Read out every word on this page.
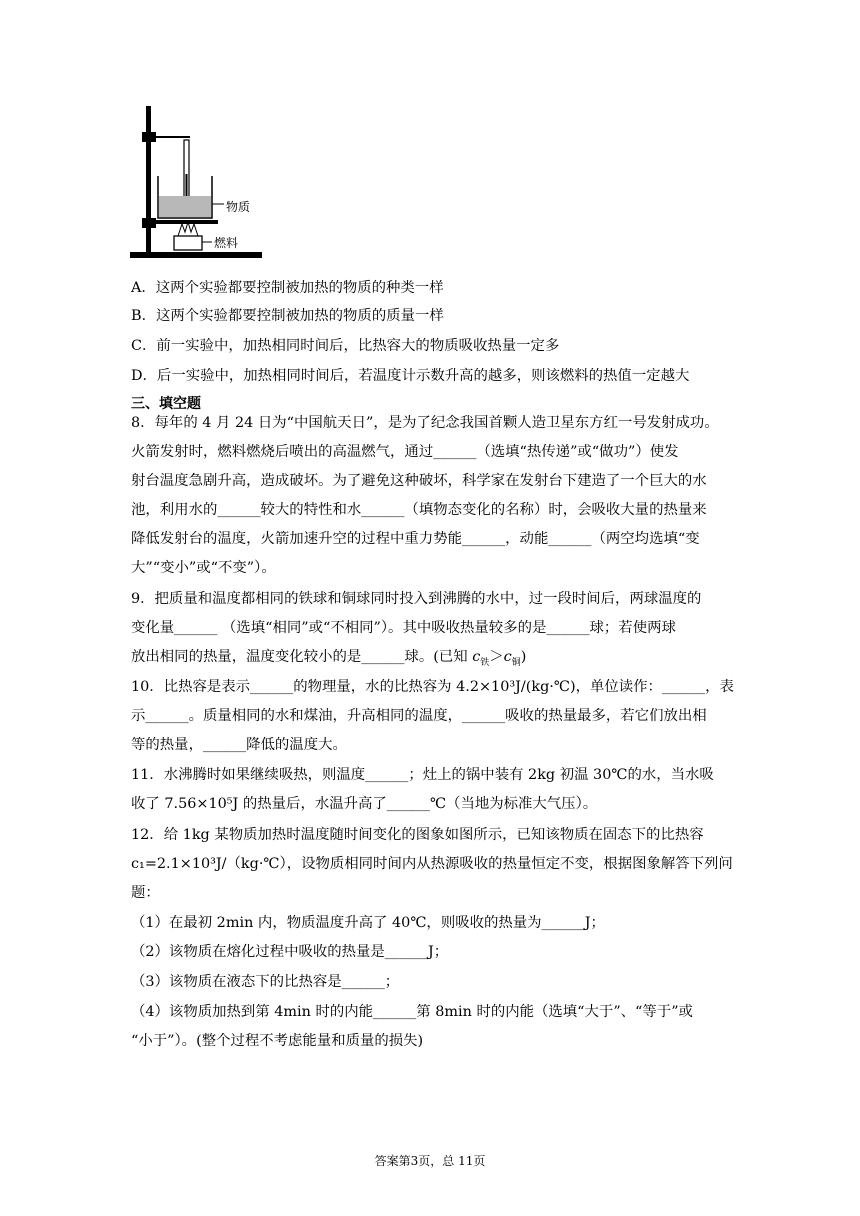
物质
燃料
A．这两个实验都要控制被加热的物质的种类一样
B．这两个实验都要控制被加热的物质的质量一样
C．前一实验中，加热相同时间后，比热容大的物质吸收热量一定多
D．后一实验中，加热相同时间后，若温度计示数升高的越多，则该燃料的热值一定越大
三、填空题
8．每年的 4 月 24 日为“中国航天日”，是为了纪念我国首颗人造卫星东方红一号发射成功。
火箭发射时，燃料燃烧后喷出的高温燃气，通过______（选填“热传递”或“做功”）使发
射台温度急剧升高，造成破坏。为了避免这种破坏，科学家在发射台下建造了一个巨大的水
池，利用水的______较大的特性和水______（填物态变化的名称）时，会吸收大量的热量来
降低发射台的温度，火箭加速升空的过程中重力势能______，动能______（两空均选填“变
大”“变小”或“不变”）。
9．把质量和温度都相同的铁球和铜球同时投入到沸腾的水中，过一段时间后，两球温度的
变化量______ （选填“相同”或“不相同”）。其中吸收热量较多的是______球；若使两球
放出相同的热量，温度变化较小的是______球。(已知 $c_铁>c_铜$)
10．比热容是表示______的物理量，水的比热容为 4.2×10³J/(kg·℃)，单位读作：______，表
示______。质量相同的水和煤油，升高相同的温度，______吸收的热量最多，若它们放出相
等的热量，______降低的温度大。
11．水沸腾时如果继续吸热，则温度______；灶上的锅中装有 2kg 初温 30℃的水，当水吸
收了 7.56×10⁵J 的热量后，水温升高了______℃（当地为标准大气压）。
12．给 1kg 某物质加热时温度随时间变化的图象如图所示，已知该物质在固态下的比热容
c₁=2.1×10³J/（kg·℃），设物质相同时间内从热源吸收的热量恒定不变，根据图象解答下列问
题：
（1）在最初 2min 内，物质温度升高了 40℃，则吸收的热量为______J；
（2）该物质在熔化过程中吸收的热量是______J；
（3）该物质在液态下的比热容是______；
（4）该物质加热到第 4min 时的内能______第 8min 时的内能（选填“大于”、“等于”或
“小于”）。(整个过程不考虑能量和质量的损失)
答案第3页，总 11页
